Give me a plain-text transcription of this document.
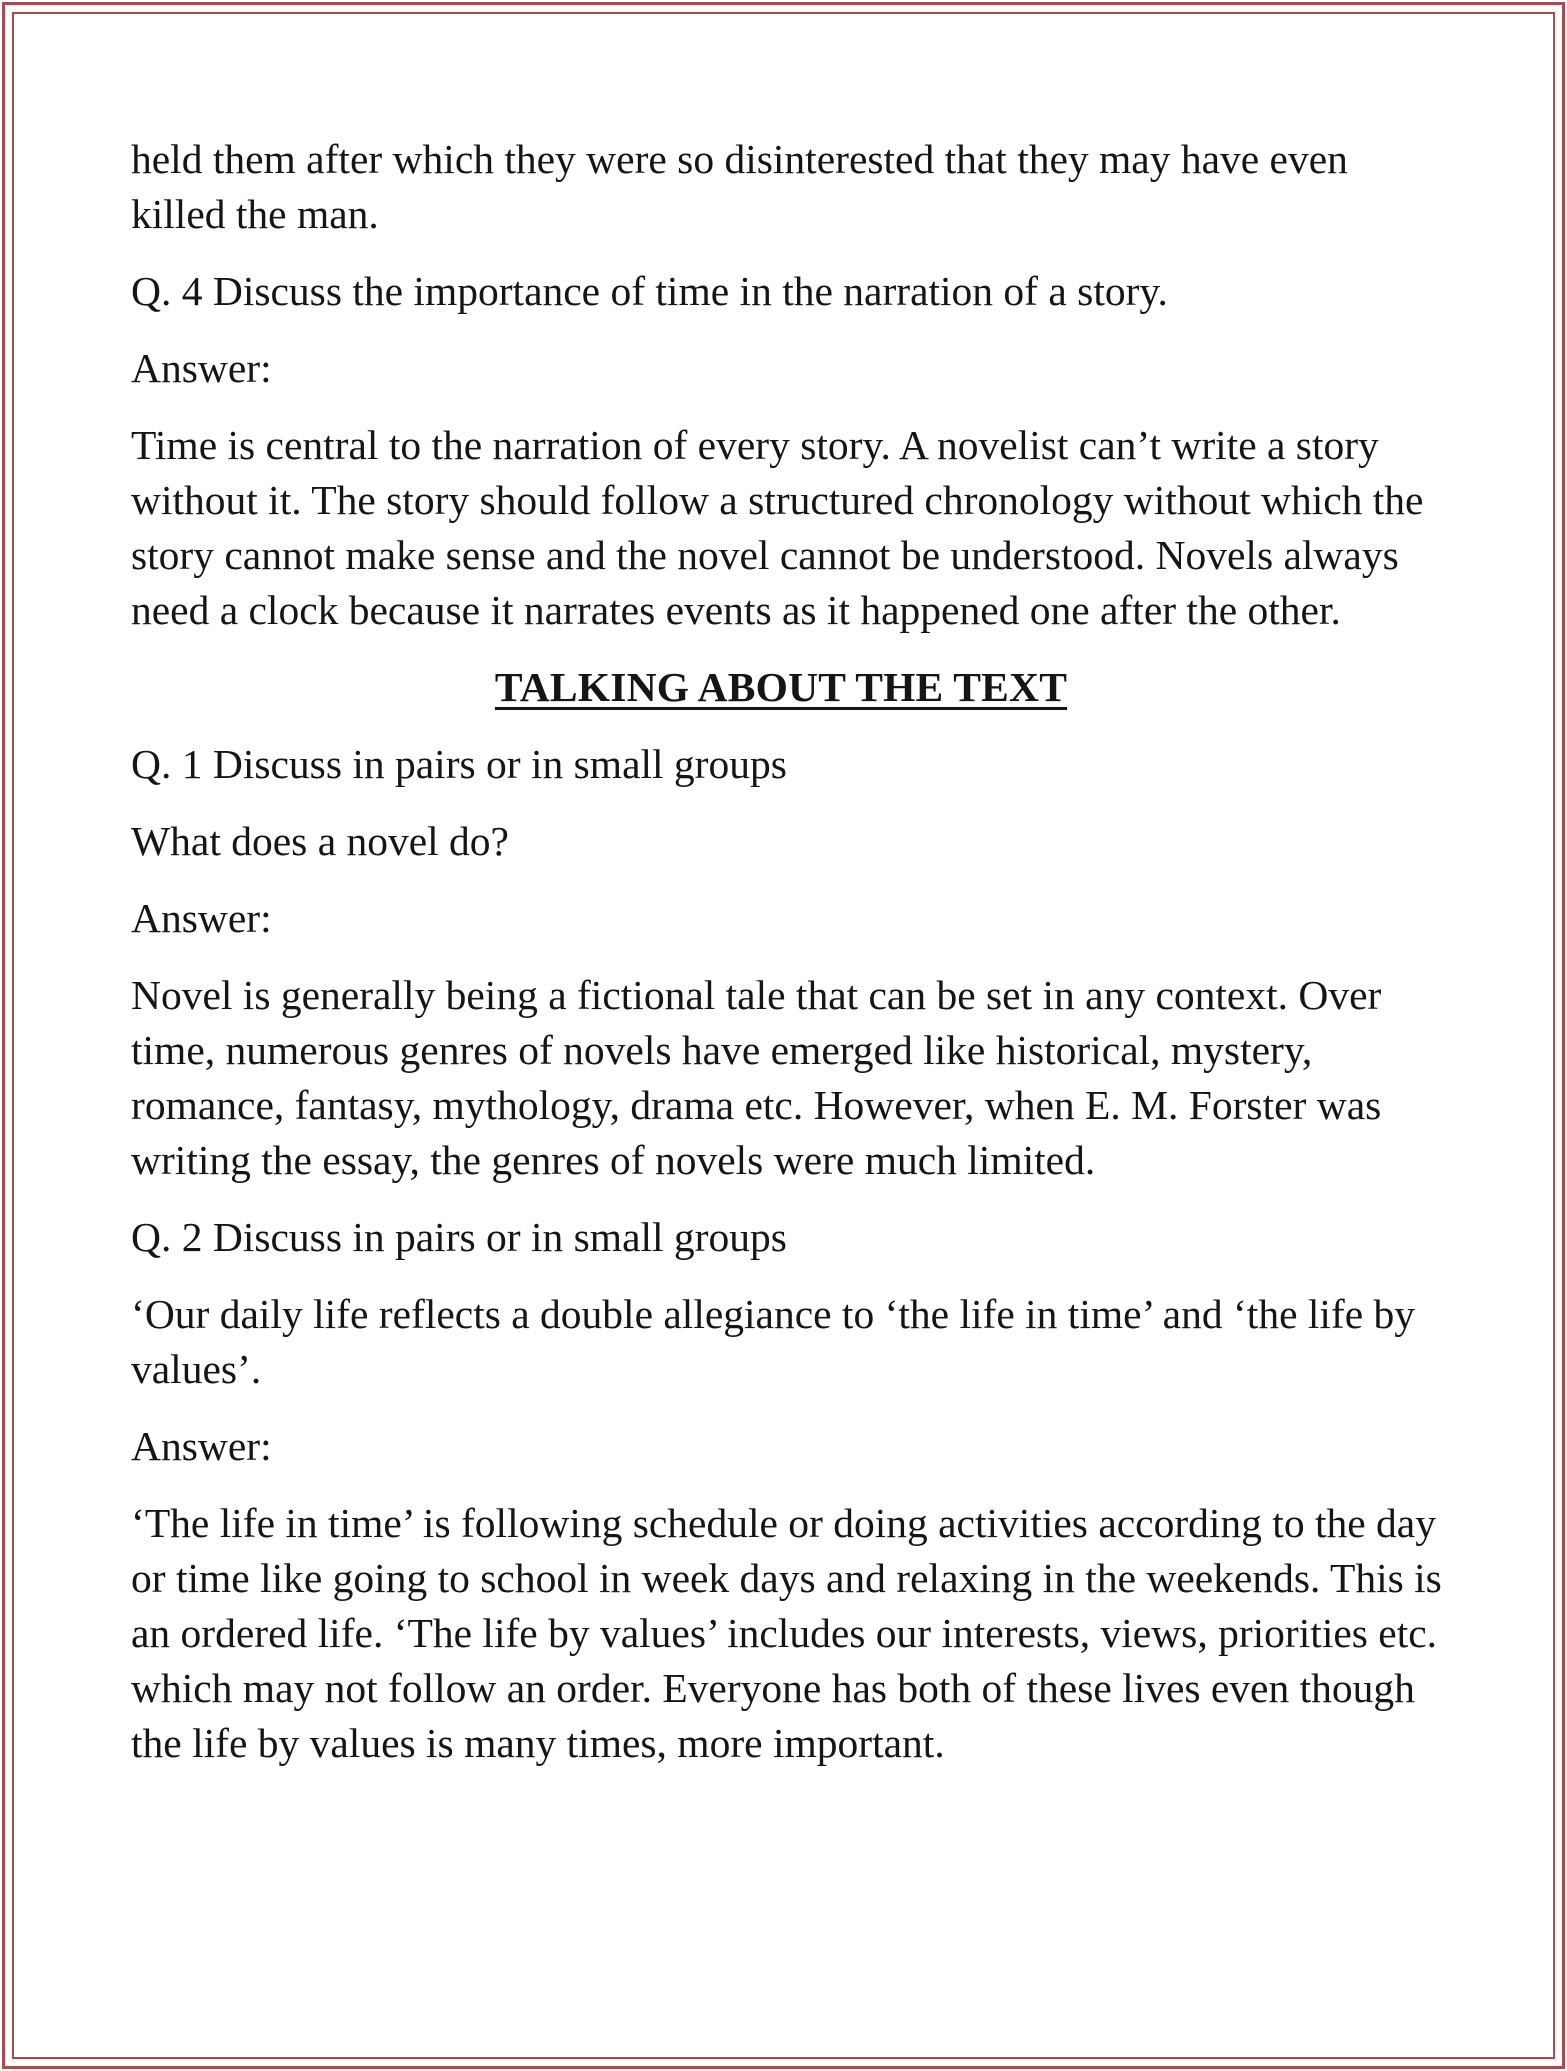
held them after which they were so disinterested that they may have even killed the man.

Q. 4 Discuss the importance of time in the narration of a story.

Answer:

Time is central to the narration of every story. A novelist can’t write a story without it. The story should follow a structured chronology without which the story cannot make sense and the novel cannot be understood. Novels always need a clock because it narrates events as it happened one after the other.

TALKING ABOUT THE TEXT

Q. 1 Discuss in pairs or in small groups

What does a novel do?

Answer:

Novel is generally being a fictional tale that can be set in any context. Over time, numerous genres of novels have emerged like historical, mystery, romance, fantasy, mythology, drama etc. However, when E. M. Forster was writing the essay, the genres of novels were much limited.

Q. 2 Discuss in pairs or in small groups

‘Our daily life reflects a double allegiance to ‘the life in time’ and ‘the life by values’.

Answer:

‘The life in time’ is following schedule or doing activities according to the day or time like going to school in week days and relaxing in the weekends. This is an ordered life. ‘The life by values’ includes our interests, views, priorities etc. which may not follow an order. Everyone has both of these lives even though the life by values is many times, more important.
